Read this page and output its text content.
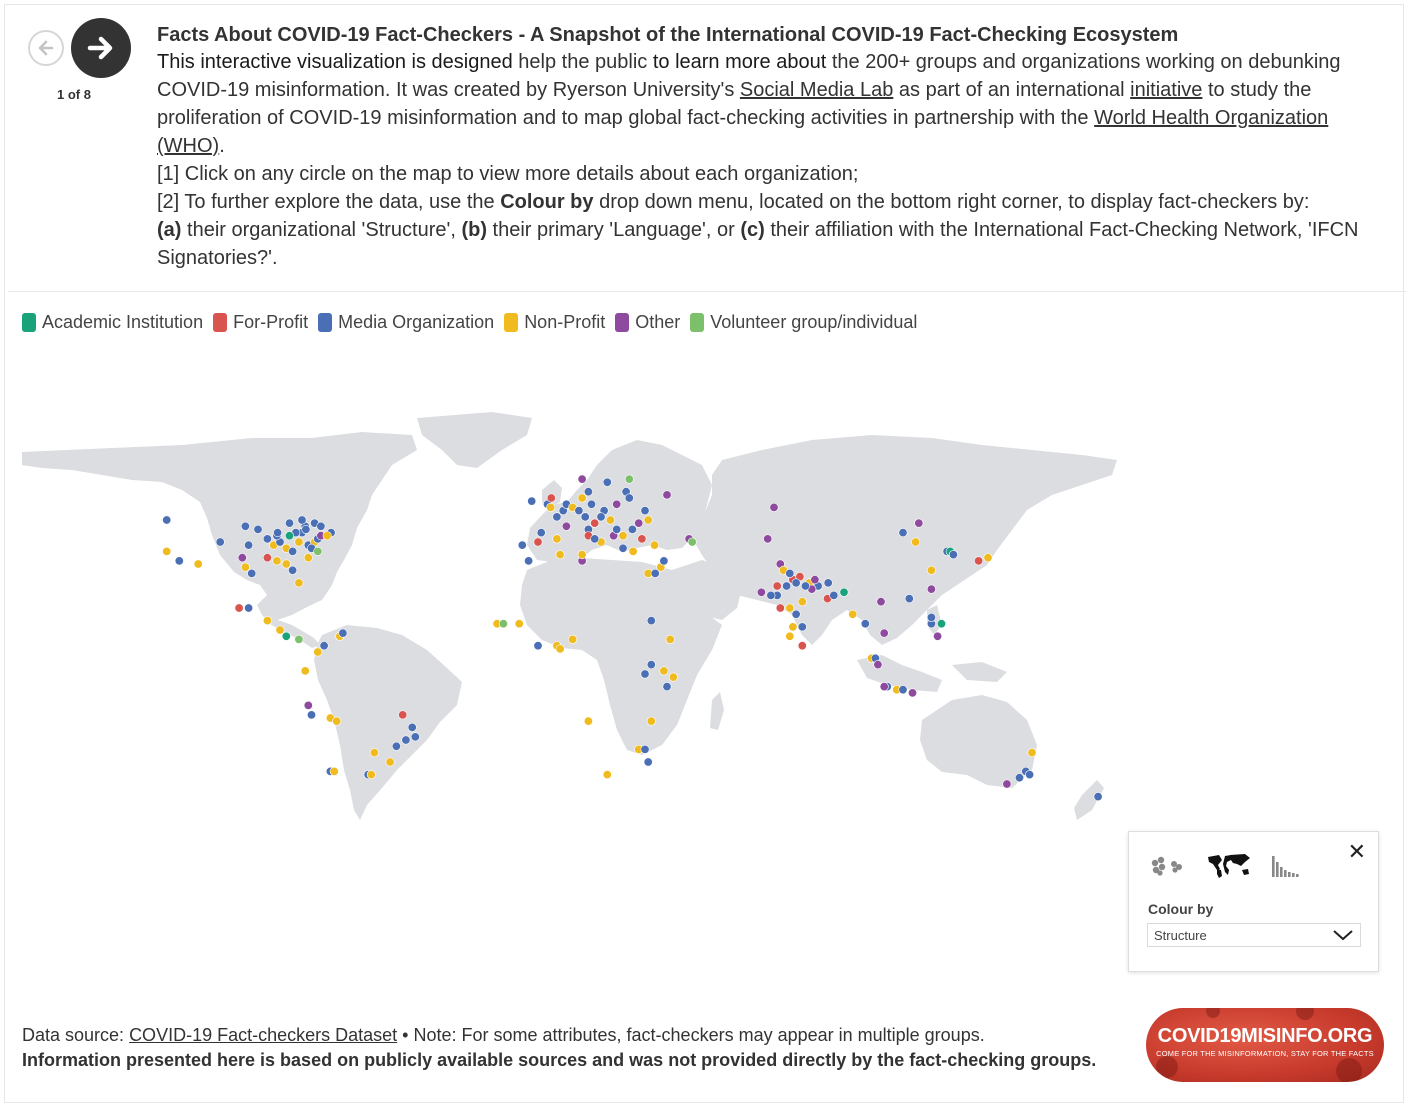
1 of 8
Facts About COVID-19 Fact-Checkers - A Snapshot of the International COVID-19 Fact-Checking Ecosystem

This interactive visualization is designed help the public to learn more about the 200+ groups and organizations working on debunking COVID-19 misinformation. It was created by Ryerson University's Social Media Lab as part of an international initiative to study the proliferation of COVID-19 misinformation and to map global fact-checking activities in partnership with the World Health Organization (WHO).

[1] Click on any circle on the map to view more details about each organization;

[2] To further explore the data, use the Colour by drop down menu, located on the bottom right corner, to display fact-checkers by:
(a) their organizational 'Structure', (b) their primary 'Language', or (c) their affiliation with the International Fact-Checking Network, 'IFCN Signatories?'.

Academic Institution For-Profit Media Organization Non-Profit Other Volunteer group/individual
✕
Colour by
Structure
Data source: COVID-19 Fact-checkers Dataset • Note: For some attributes, fact-checkers may appear in multiple groups.
Information presented here is based on publicly available sources and was not provided directly by the fact-checking groups.
COVID19MISINFO.ORG
COME FOR THE MISINFORMATION, STAY FOR THE FACTS
